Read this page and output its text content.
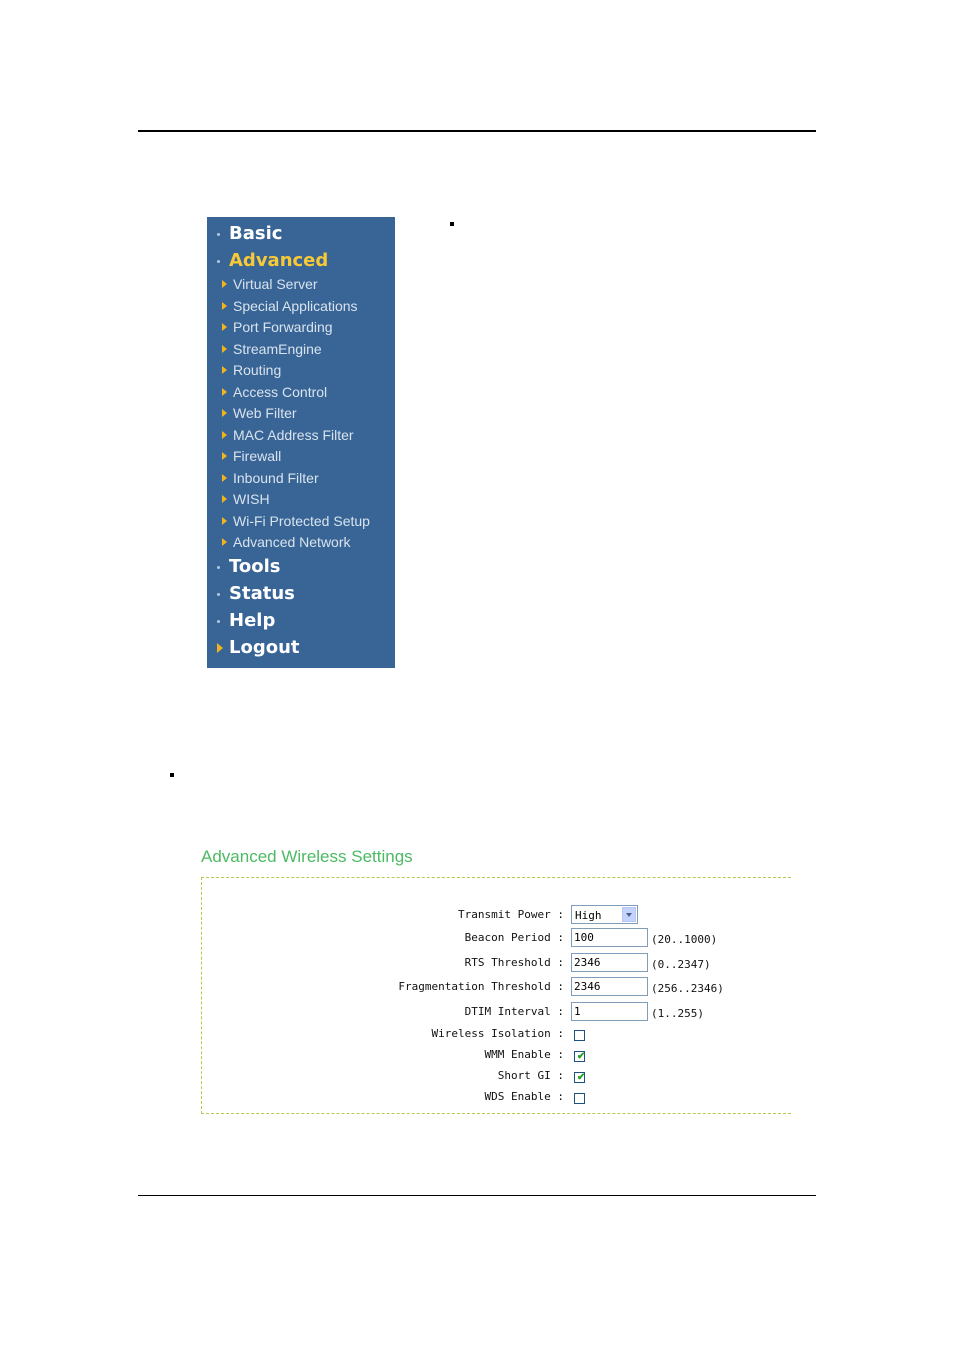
Basic
Advanced
Virtual Server
Special Applications
Port Forwarding
StreamEngine
Routing
Access Control
Web Filter
MAC Address Filter
Firewall
Inbound Filter
WISH
Wi-Fi Protected Setup
Advanced Network
Tools
Status
Help
Logout
Advanced Wireless Settings
Transmit Power : High
Beacon Period :
100	(20..1000)
RTS Threshold :
2346	(0..2347)
Fragmentation Threshold :
2346	(256..2346)
DTIM Interval :
1	(1..255)
Wireless Isolation :
WMM Enable : ✔
Short GI : ✔
WDS Enable :
